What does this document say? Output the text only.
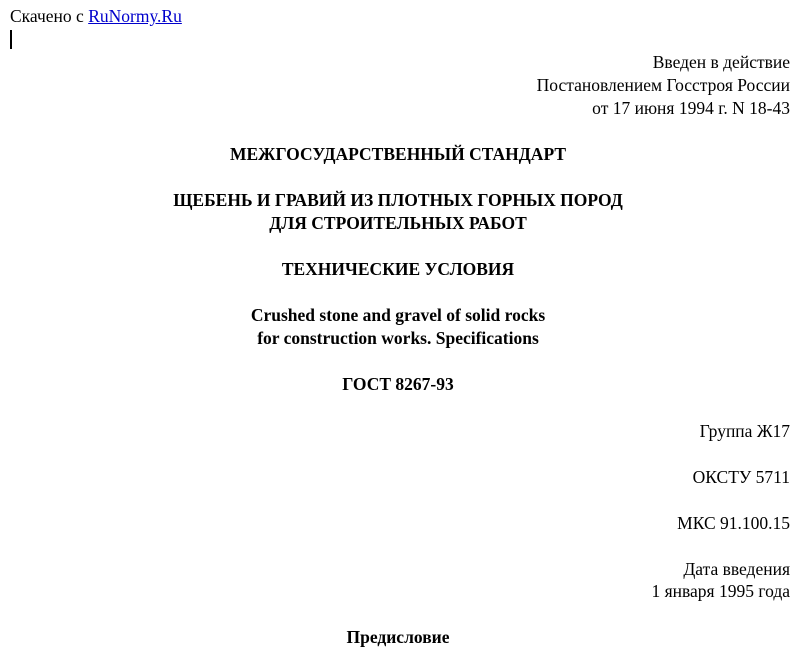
Скачено с RuNormy.Ru
Введен в действие
Постановлением Госстроя России
от 17 июня 1994 г. N 18-43
МЕЖГОСУДАРСТВЕННЫЙ СТАНДАРТ
ЩЕБЕНЬ И ГРАВИЙ ИЗ ПЛОТНЫХ ГОРНЫХ ПОРОД
ДЛЯ СТРОИТЕЛЬНЫХ РАБОТ
ТЕХНИЧЕСКИЕ УСЛОВИЯ
Crushed stone and gravel of solid rocks
for construction works. Specifications
ГОСТ 8267-93
Группа Ж17
ОКСТУ 5711
МКС 91.100.15
Дата введения
1 января 1995 года
Предисловие
